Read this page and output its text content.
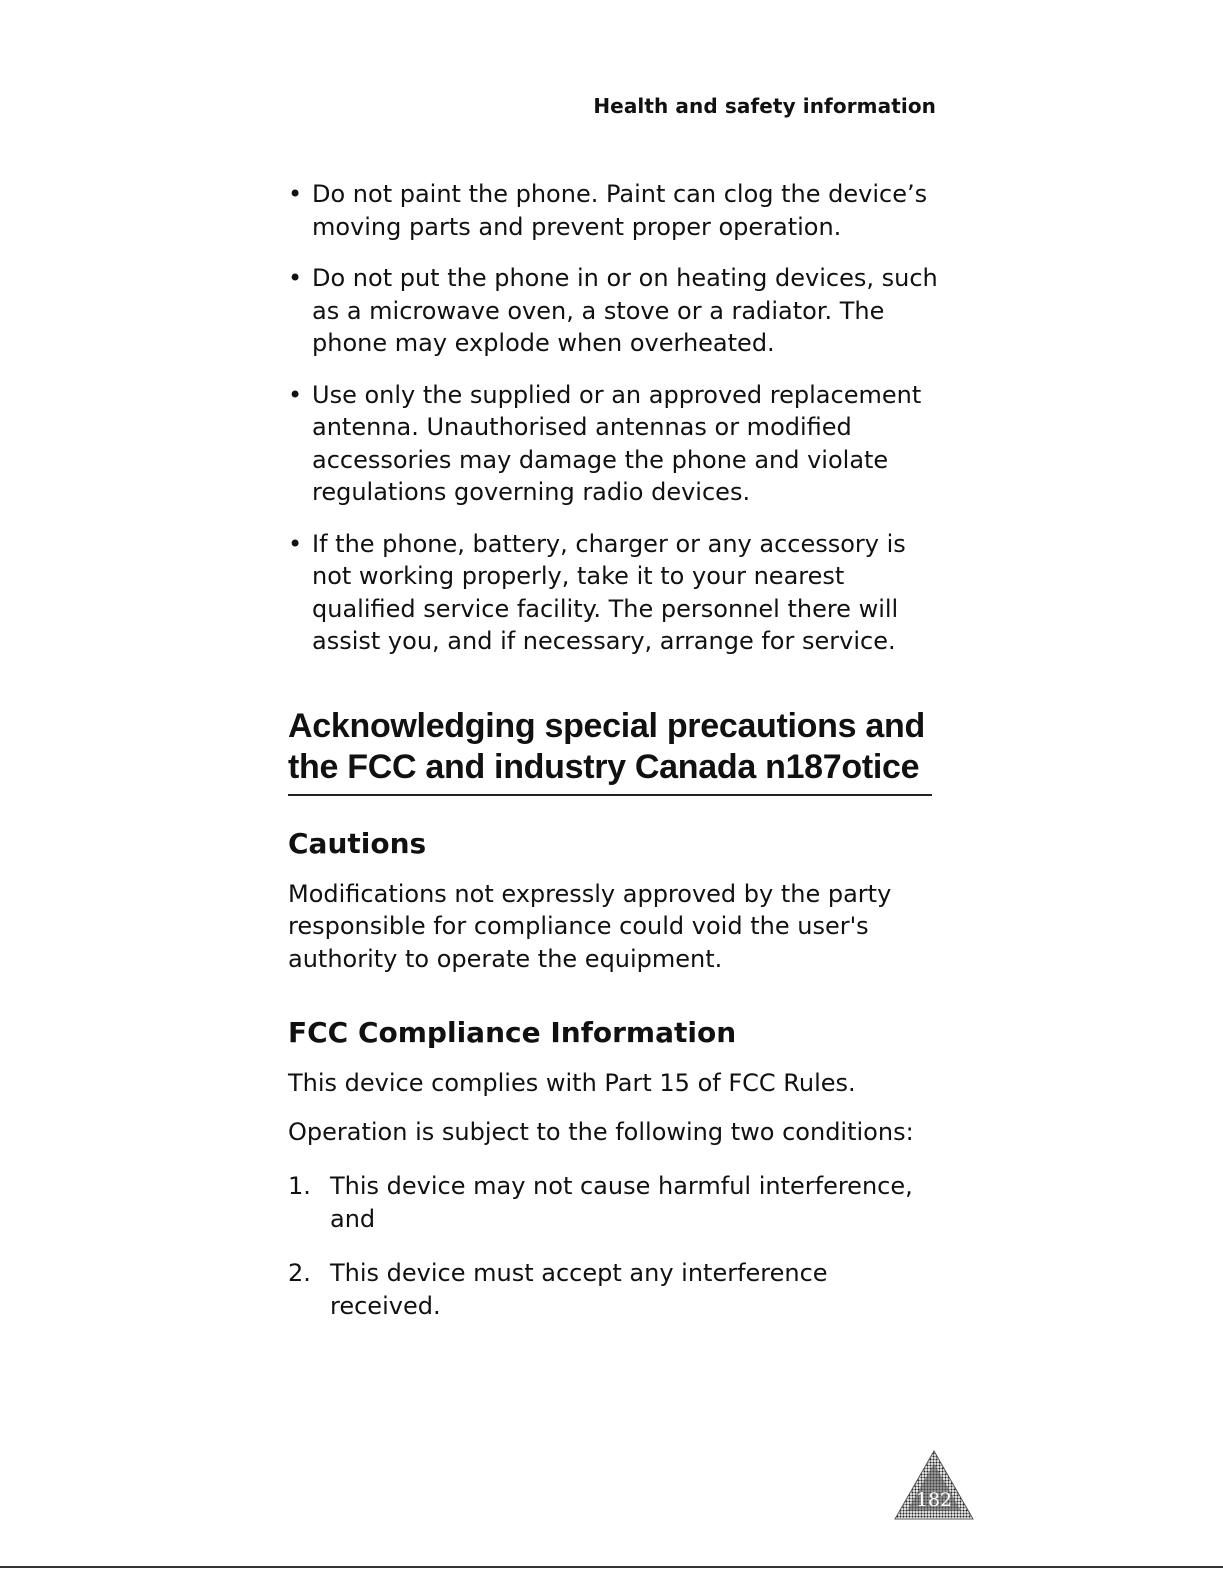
Health and safety information
• Do not paint the phone. Paint can clog the device’s moving parts and prevent proper operation.
• Do not put the phone in or on heating devices, such as a microwave oven, a stove or a radiator. The phone may explode when overheated.
• Use only the supplied or an approved replacement antenna. Unauthorised antennas or modified accessories may damage the phone and violate regulations governing radio devices.
• If the phone, battery, charger or any accessory is not working properly, take it to your nearest qualified service facility. The personnel there will assist you, and if necessary, arrange for service.
Acknowledging special precautions and the FCC and industry Canada n187otice
Cautions

Modifications not expressly approved by the party responsible for compliance could void the user's authority to operate the equipment.

FCC Compliance Information

This device complies with Part 15 of FCC Rules.

Operation is subject to the following two conditions:

1. This device may not cause harmful interference, and
2. This device must accept any interference received.
182
